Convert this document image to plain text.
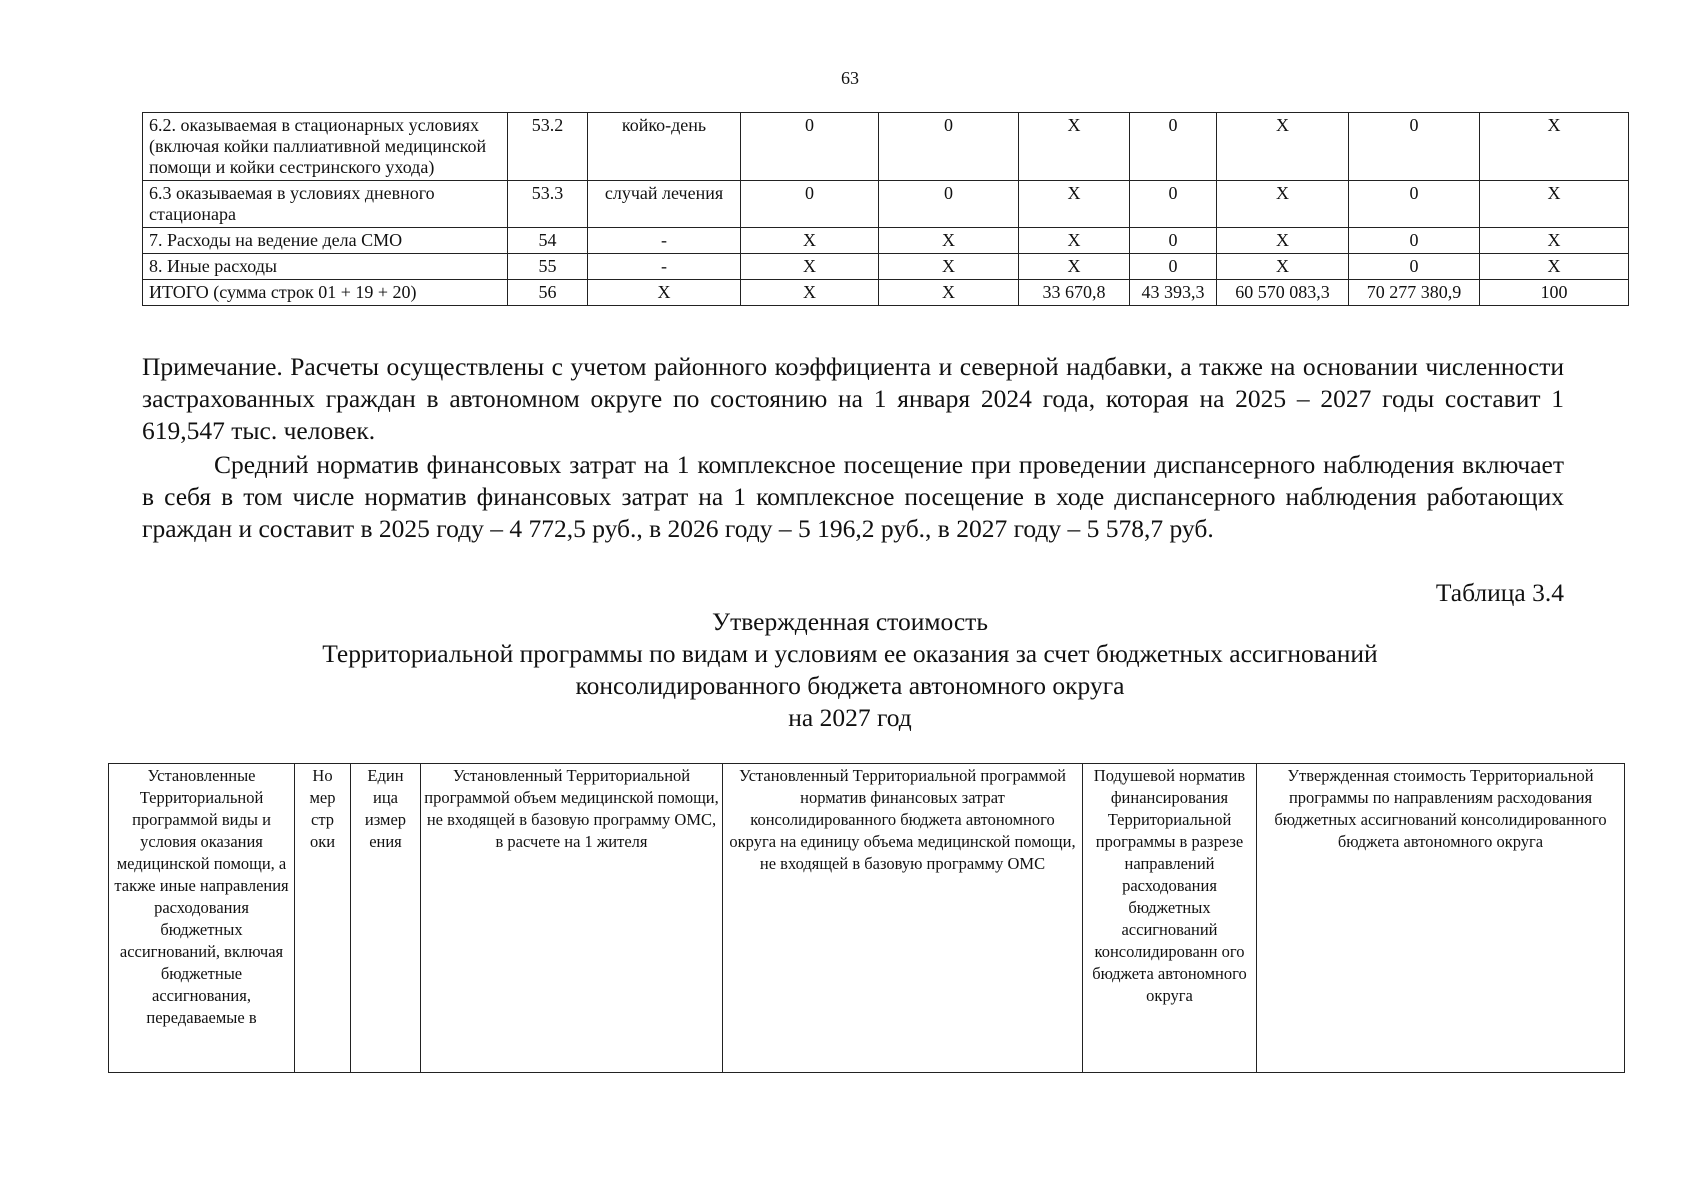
63
6.2. оказываемая в стационарных условиях (включая койки паллиативной медицинской помощи и койки сестринского ухода)	53.2	койко-день	0	0	X	0	X	0	X
6.3 оказываемая в условиях дневного стационара	53.3	случай лечения	0	0	X	0	X	0	X
7. Расходы на ведение дела СМО	54	-	X	X	X	0	X	0	X
8. Иные расходы	55	-	X	X	X	0	X	0	X
ИТОГО (сумма строк 01 + 19 + 20)	56	X	X	X	33 670,8	43 393,3	60 570 083,3	70 277 380,9	100

Примечание. Расчеты осуществлены с учетом районного коэффициента и северной надбавки, а также на основании численности застрахованных граждан в автономном округе по состоянию на 1 января 2024 года, которая на 2025 – 2027 годы составит 1 619,547 тыс. человек.

Средний норматив финансовых затрат на 1 комплексное посещение при проведении диспансерного наблюдения включает в себя в том числе норматив финансовых затрат на 1 комплексное посещение в ходе диспансерного наблюдения работающих граждан и составит в 2025 году – 4 772,5 руб., в 2026 году – 5 196,2 руб., в 2027 году – 5 578,7 руб.

Таблица 3.4
Утвержденная стоимость
Территориальной программы по видам и условиям ее оказания за счет бюджетных ассигнований
консолидированного бюджета автономного округа
на 2027 год
Установленные Территориальной программой виды и условия оказания медицинской помощи, а также иные направления расходования бюджетных ассигнований, включая бюджетные ассигнования, передаваемые в	Но мер стр оки	Един ица измер ения	Установленный Территориальной программой объем медицинской помощи, не входящей в базовую программу ОМС, в расчете на 1 жителя	Установленный Территориальной программой норматив финансовых затрат консолидированного бюджета автономного округа на единицу объема медицинской помощи, не входящей в базовую программу ОМС	Подушевой норматив финансирования Территориальной программы в разрезе направлений расходования бюджетных ассигнований консолидированн ого бюджета автономного округа	Утвержденная стоимость Территориальной программы по направлениям расходования бюджетных ассигнований консолидированного бюджета автономного округа
